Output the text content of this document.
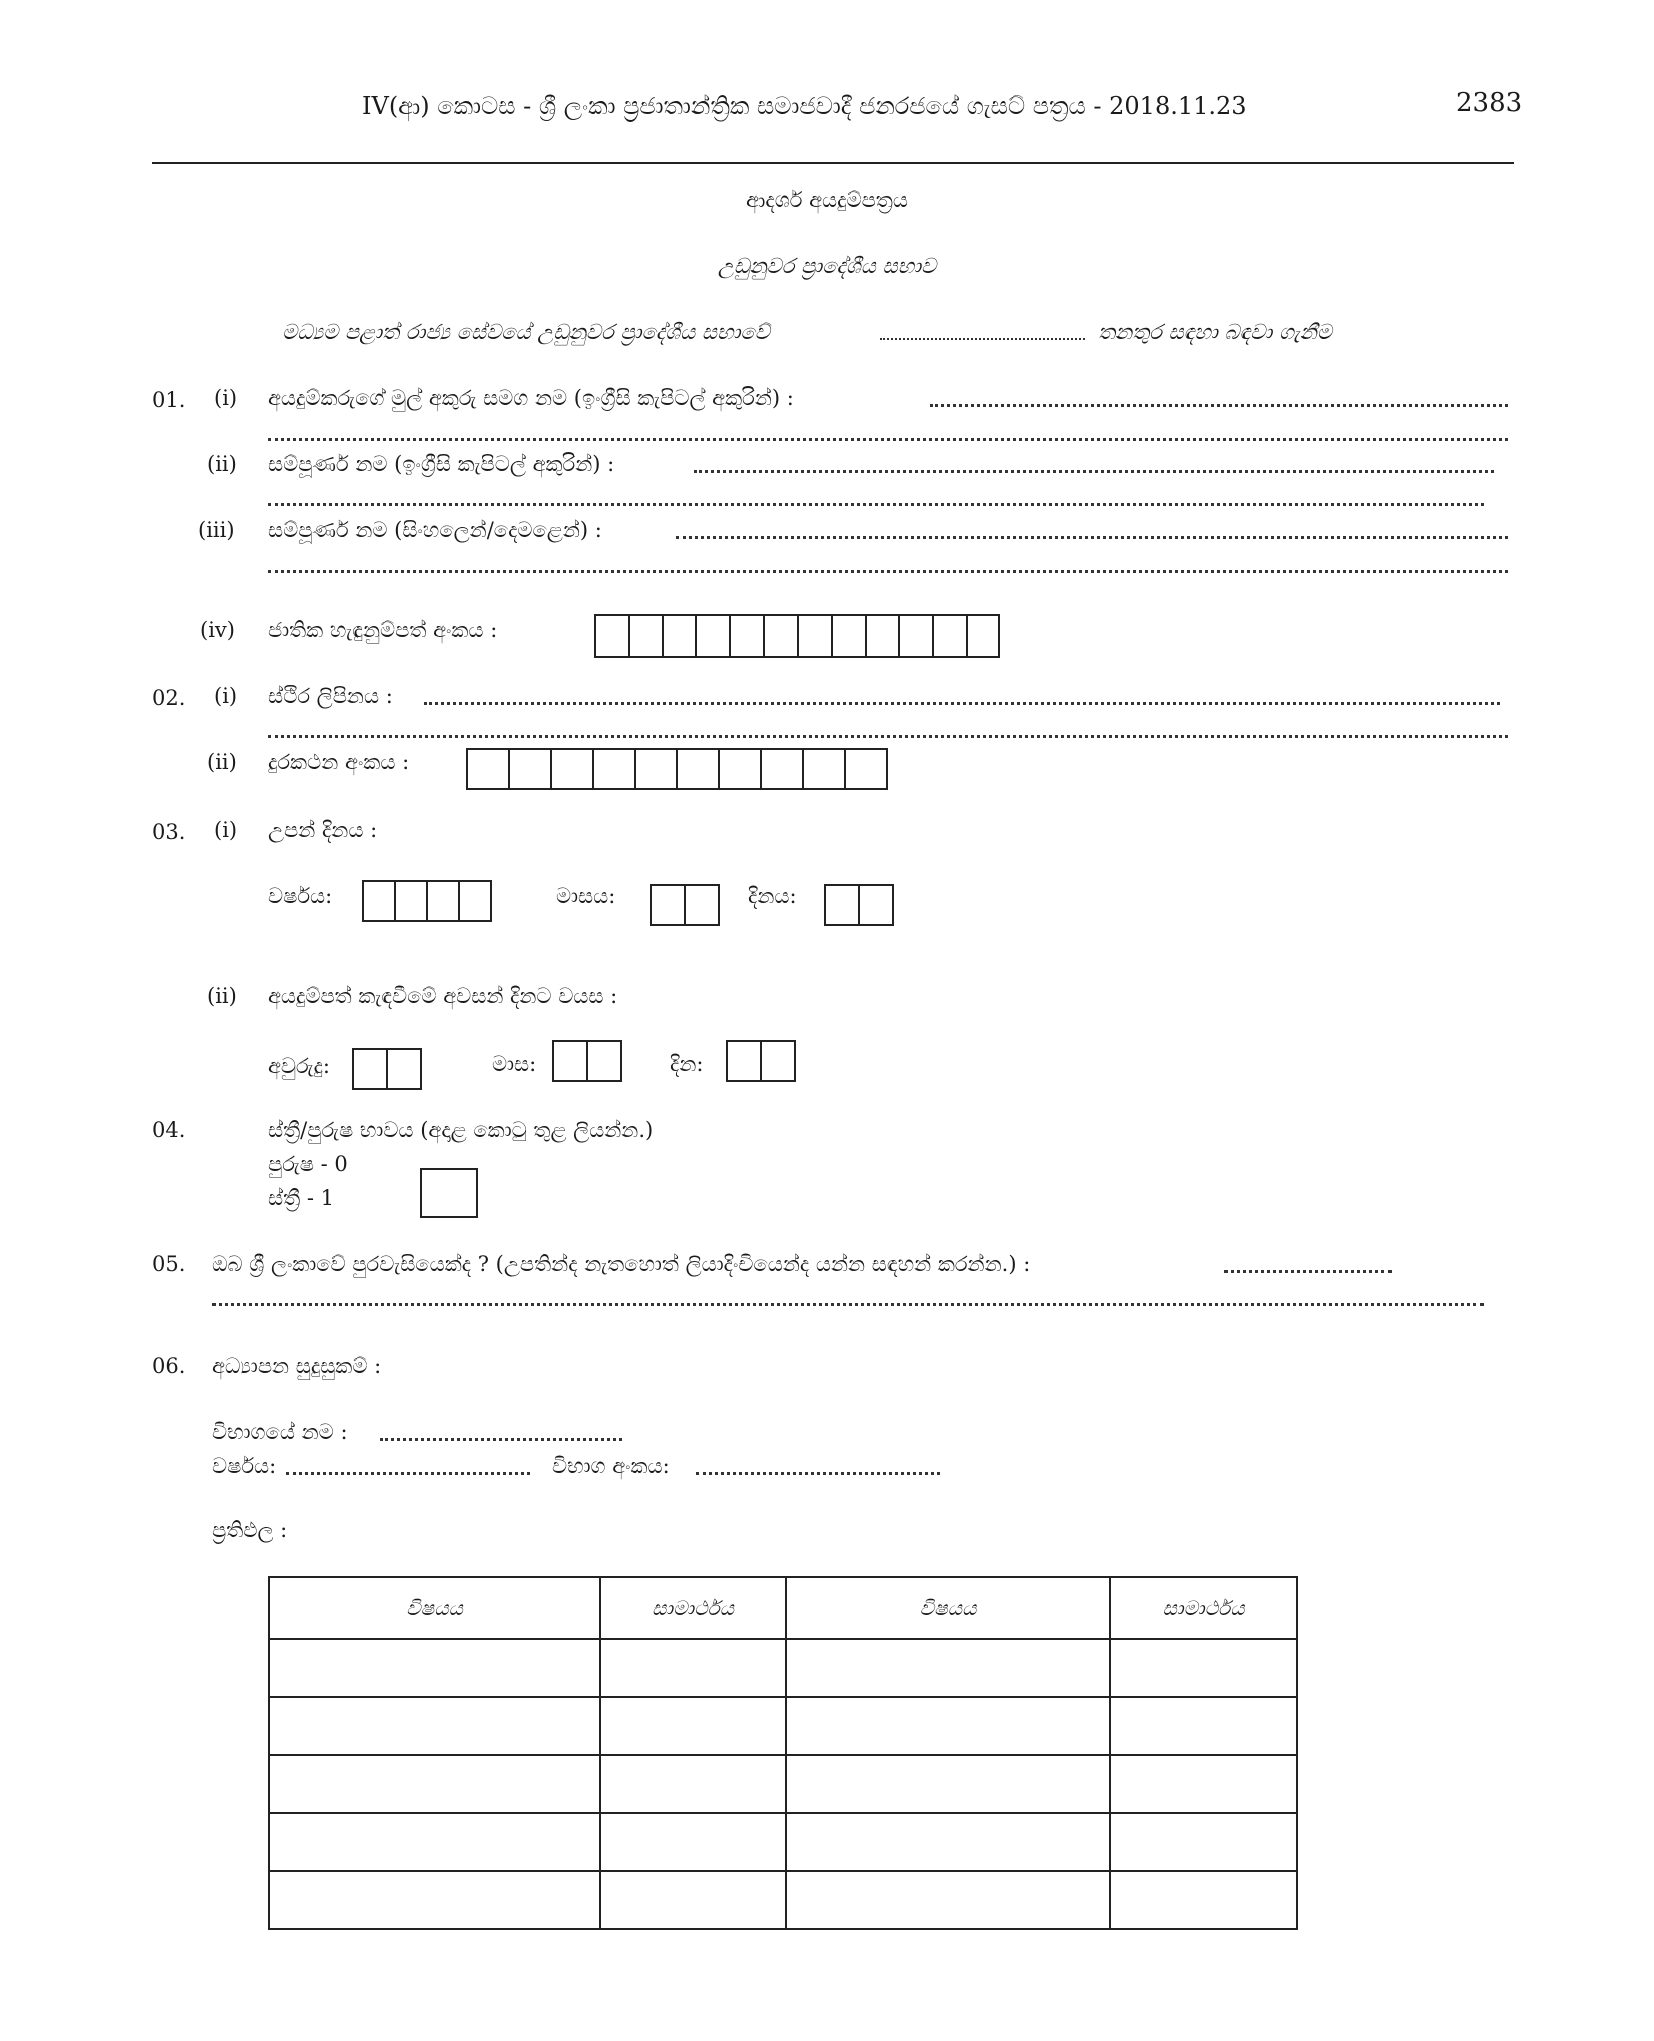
IV(ආ) කොටස - ශ්‍රී ලංකා ප්‍රජාතාන්ත්‍රික සමාජවාදී ජනරජයේ ගැසට් පත්‍රය - 2018.11.23	2383
ආදර්ශ අයදුම්පත්‍රය
උඩුනුවර ප්‍රාදේශීය සභාව
මධ්‍යම පළාත් රාජ්‍ය සේවයේ උඩුනුවර ප්‍රාදේශීය සභාවේ	තනතුර සඳහා බඳවා ගැනීම
01. (i) අයදුම්කරුගේ මුල් අකුරු සමග නම (ඉංග්‍රීසි කැපිටල් අකුරින්) :
(ii) සම්පූර්ණ නම (ඉංග්‍රීසි කැපිටල් අකුරින්) :
(iii) සම්පූර්ණ නම (සිංහලෙන්/දෙමළෙන්) :
(iv) ජාතික හැඳුනුම්පත් අංකය :
02. (i) ස්ථිර ලිපිනය :
(ii) දුරකථන අංකය :
03. (i) උපන් දිනය :
වර්ෂය:	මාසය:	දිනය:
(ii) අයදුම්පත් කැඳවීමේ අවසන් දිනට වයස :
අවුරුදු:	මාස:	දින:
04.	ස්ත්‍රී/පුරුෂ භාවය (අදාළ කොටු තුළ ලියන්න.)
පුරුෂ - 0
ස්ත්‍රී - 1
05. ඔබ ශ්‍රී ලංකාවේ පුරවැසියෙක්ද ? (උපතින්ද නැතහොත් ලියාදිංචියෙන්ද යන්න සඳහන් කරන්න.) :
06. අධ්‍යාපන සුදුසුකම් :
විභාගයේ නම :
වර්ෂය:	විභාග අංකය:
ප්‍රතිඵල :
විෂයය	සාමාර්ථය	විෂයය	සාමාර්ථය
